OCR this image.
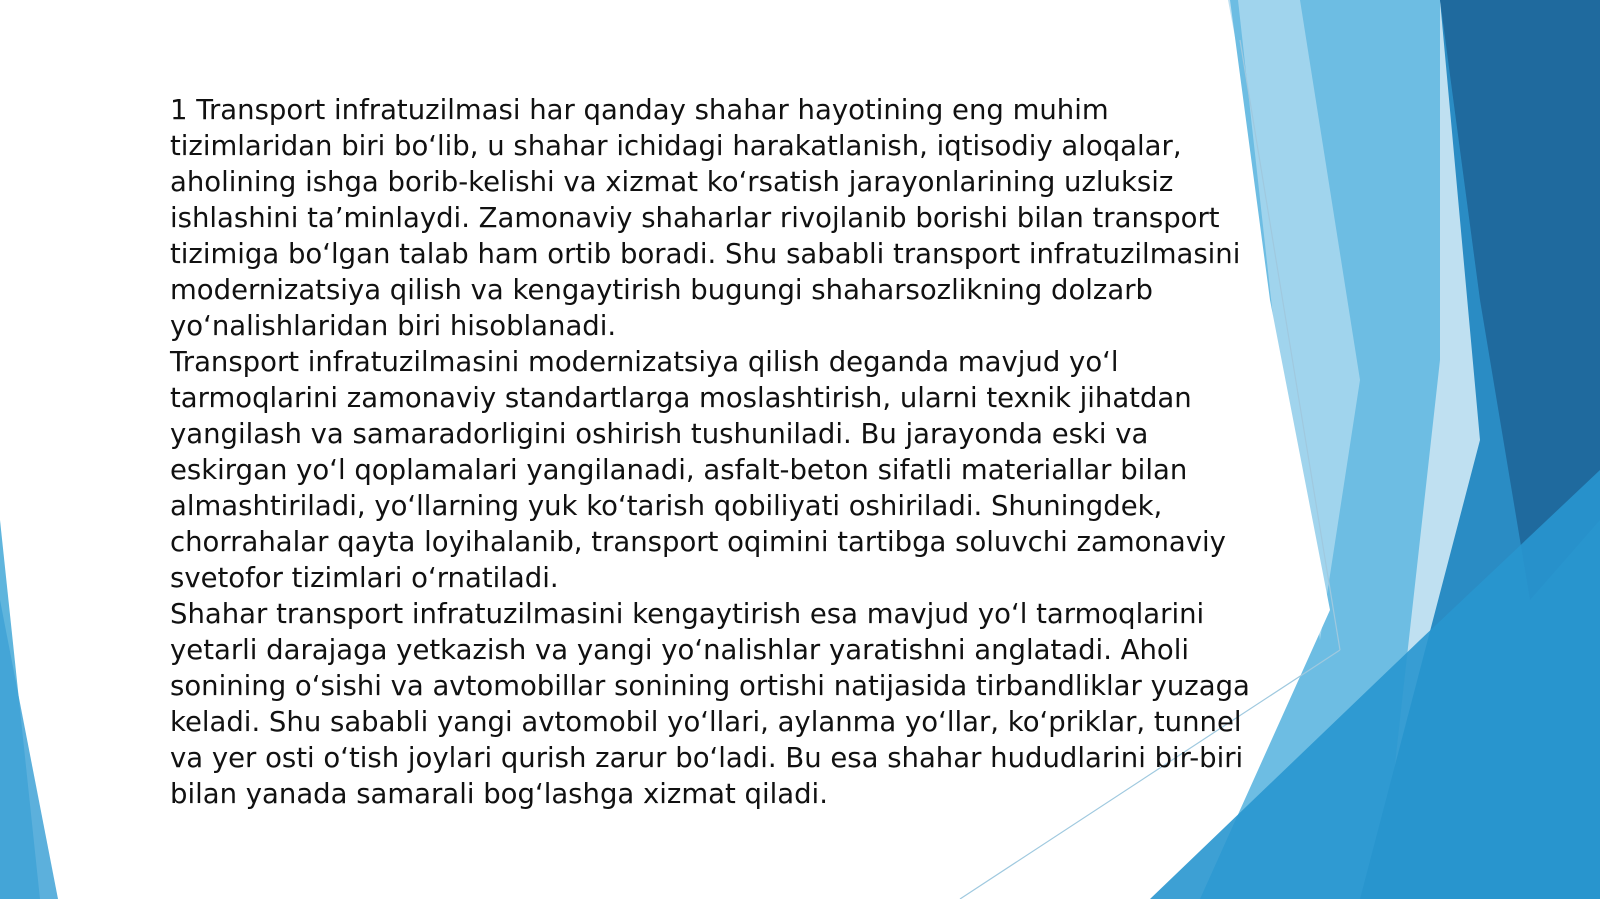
1 Transport infratuzilmasi har qanday shahar hayotining eng muhim tizimlaridan biri bo‘lib, u shahar ichidagi harakatlanish, iqtisodiy aloqalar, aholining ishga borib-kelishi va xizmat ko‘rsatish jarayonlarining uzluksiz ishlashini ta’minlaydi. Zamonaviy shaharlar rivojlanib borishi bilan transport tizimiga bo‘lgan talab ham ortib boradi. Shu sababli transport infratuzilmasini modernizatsiya qilish va kengaytirish bugungi shaharsozlikning dolzarb yo‘nalishlaridan biri hisoblanadi.

Transport infratuzilmasini modernizatsiya qilish deganda mavjud yo‘l tarmoqlarini zamonaviy standartlarga moslashtirish, ularni texnik jihatdan yangilash va samaradorligini oshirish tushuniladi. Bu jarayonda eski va eskirgan yo‘l qoplamalari yangilanadi, asfalt-beton sifatli materiallar bilan almashtiriladi, yo‘llarning yuk ko‘tarish qobiliyati oshiriladi. Shuningdek, chorrahalar qayta loyihalanib, transport oqimini tartibga soluvchi zamonaviy svetofor tizimlari o‘rnatiladi.

Shahar transport infratuzilmasini kengaytirish esa mavjud yo‘l tarmoqlarini yetarli darajaga yetkazish va yangi yo‘nalishlar yaratishni anglatadi. Aholi sonining o‘sishi va avtomobillar sonining ortishi natijasida tirbandliklar yuzaga keladi. Shu sababli yangi avtomobil yo‘llari, aylanma yo‘llar, ko‘priklar, tunnel va yer osti o‘tish joylari qurish zarur bo‘ladi. Bu esa shahar hududlarini bir-biri bilan yanada samarali bog‘lashga xizmat qiladi.
